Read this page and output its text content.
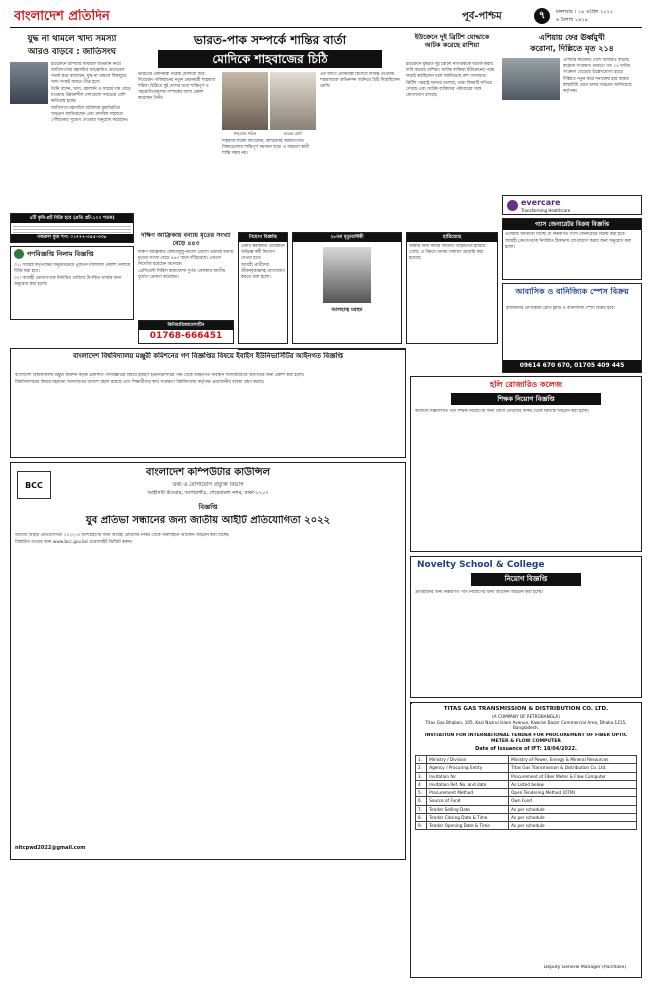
বাংলাদেশ প্রতিদিন	পূর্ব-পশ্চিম	৭	মঙ্গলবার । ১৯ এপ্রিল ২০২২
৬ বৈশাখ ১৪২৯
যুদ্ধ না থামলে খাদ্য সমস্যা
আরও বাড়বে : জাতিসংঘ

ইউক্রেনে রাশিয়ার সামরিক অভিযান নিয়ে জাতিসংঘের মহাসচিব আন্তোনিও গুতেরেস সতর্ক করে বলেছেন, যুদ্ধ না থামলে বিশ্বজুড়ে খাদ্য সংকট আরও তীব্র হবে।

তিনি বলেন, খাদ্য, জ্বালানি ও সারের দাম বেড়ে যাওয়ায় উন্নয়নশীল দেশগুলো সবচেয়ে বেশি ক্ষতিগ্রস্ত হচ্ছে।

জাতিসংঘ মহাসচিব অবিলম্বে যুদ্ধবিরতির আহ্বান জানিয়েছেন এবং মানবিক সহায়তা পৌঁছানোর সুযোগ দেওয়ার অনুরোধ করেছেন।

ভারত-পাক সম্পর্কে শান্তির বার্তা
মোদিকে শাহবাজের চিঠি

ভারতের প্রধানমন্ত্রী নরেন্দ্র মোদিকে চিঠি দিয়েছেন পাকিস্তানের নতুন প্রধানমন্ত্রী শাহবাজ শরিফ। চিঠিতে দুই দেশের মধ্যে শান্তিপূর্ণ ও সহযোগিতামূলক সম্পর্কের আশা প্রকাশ করেছেন তিনি।

শাহবাজ শরিফ	নরেন্দ্র মোদি

শাহবাজ শরিফ লিখেছেন, কাশ্মীরসহ অমীমাংসিত বিষয়গুলোর শান্তিপূর্ণ সমাধান ছাড়া এ অঞ্চলে স্থায়ী শান্তি সম্ভব নয়।

এর আগে প্রধানমন্ত্রী হিসেবে দায়িত্ব নেওয়ায় শাহবাজকে অভিনন্দন জানিয়ে চিঠি দিয়েছিলেন মোদি।

ইউক্রেনে দুই ব্রিটিশ যোদ্ধাকে আটক করেছে রাশিয়া

ইউক্রেনে যুদ্ধরত দুই ব্রিটিশ নাগরিককে আটক করার দাবি করেছে রাশিয়া। আটক ব্যক্তিরা ইউক্রেনের পক্ষে লড়াই করছিলেন বলে জানিয়েছে রুশ গণমাধ্যম।

ব্রিটিশ পররাষ্ট্র দফতর বলেছে, তারা বিষয়টি খতিয়ে দেখছে এবং আটক ব্যক্তিদের পরিবারের সঙ্গে যোগাযোগ রাখছে।

এশিয়ায় ফের ঊর্ধ্বমুখী
করোনা, দিল্লিতে মৃত ২১৪

এশিয়ার কয়েকটি দেশে আবারও বাড়ছে করোনা সংক্রমণ। ভারতে গত ২৪ ঘণ্টায় সংক্রমণ বেড়েছে উল্লেখযোগ্য হারে।

দিল্লিতে নতুন করে শনাক্তের হার বাড়ায় স্বাস্থ্যবিধি মেনে চলার আহ্বান জানিয়েছে কর্তৃপক্ষ।

evercare
Transforming Healthcare
৫টি কৃষি-প্লট বিক্রি হবে (প্রতি প্লট-১০০ শতক)
নজরুল ফুড শপ। ০১৭৭৭-৩৫৫-৩৩৮
গণবিজ্ঞপ্তি নিলাম বিজ্ঞপ্তি

০১। সংশ্লিষ্ট কর্তৃপক্ষের অনুমতিক্রমে পুরাতন মালামাল প্রকাশ্য নিলামে বিক্রি করা হবে।

০২। আগ্রহী ক্রেতাগণকে নির্ধারিত তারিখে উপস্থিত থাকার জন্য অনুরোধ করা হলো।

দক্ষিণ আফ্রিকায় বন্যায় মৃতের সংখ্যা বেড়ে ৪৪৩

দক্ষিণ আফ্রিকার কোয়াজুলু-নাটাল প্রদেশে ভয়াবহ বন্যায় মৃতের সংখ্যা বেড়ে ৪৪৩ জনে দাঁড়িয়েছে। এখনো নিখোঁজ রয়েছেন অনেকে।

প্রেসিডেন্ট সিরিল রামাফোসা দুর্গত এলাকায় জাতীয় দুর্যোগ ঘোষণা করেছেন।

কিনিয়ারিজম্যালাটিন
01768-666451
নিয়োগ বিজ্ঞপ্তি

একটি স্বনামধন্য প্রতিষ্ঠানে অভিজ্ঞ কর্মী নিয়োগ দেওয়া হবে।

আগ্রহী প্রার্থীদের জীবনবৃত্তান্তসহ যোগাযোগ করতে বলা হলো।

২৮তম মৃত্যুবার্ষিকী
আলহাজ্ব মরহুম
হারিয়েছে

আমার নিজ নামীয় জাতীয় পরিচয়পত্র হারিয়ে গেছে। এ বিষয়ে থানায় সাধারণ ডায়েরি করা হয়েছে।

গ্যাস জেনারেটর বিক্রয় বিজ্ঞপ্তি

এতদ্বারা জানানো যাচ্ছে যে নিম্নবর্ণিত গ্যাস জেনারেটর বিক্রয় করা হবে।

আগ্রহী ক্রেতাগণকে নির্ধারিত ঠিকানায় যোগাযোগ করার জন্য অনুরোধ করা হলো।

আবাসিক ও বানিজ্যিক স্পেস বিক্রয়

রাজধানীর প্রাণকেন্দ্রে রেডি ফ্ল্যাট ও বানিজ্যিক স্পেস বিক্রয় হবে।

09614 670 670, 01705 409 445
বাংলাদেশ বিশ্ববিদ্যালয় মঞ্জুরী কমিশনের গণ বিজ্ঞপ্তির বিষয়ে ইবাইস ইউনিভার্সিটির আইনগত বিজ্ঞপ্তি

বাংলাদেশ বিশ্ববিদ্যালয় মঞ্জুরী কমিশন কর্তৃক প্রকাশিত গণবিজ্ঞপ্তির বিষয়ে ইবাইস ইউনিভার্সিটির পক্ষ থেকে আইনগত অবস্থান সর্বসাধারণের অবগতির জন্য প্রকাশ করা হলো।

বিশ্ববিদ্যালয়ের বিষয়ে মহামান্য আদালতের আদেশ বহাল রয়েছে এবং শিক্ষার্থীদের স্বার্থ সংরক্ষণে বিশ্ববিদ্যালয় কর্তৃপক্ষ প্রয়োজনীয় ব্যবস্থা গ্রহণ করছে।	হলি রোজারিও কলেজ
শিক্ষক নিয়োগ বিজ্ঞপ্তি

কলেজে নিম্নলিখিত পদে শিক্ষক নিয়োগের জন্য যোগ্য প্রার্থীদের নিকট থেকে দরখাস্ত আহ্বান করা হচ্ছে।

BCC
বাংলাদেশ কম্পিউটার কাউন্সিল
তথ্য ও যোগাযোগ প্রযুক্তি বিভাগ
আইসিটি টাওয়ার, আগারগাঁও, শেরেবাংলা নগর, ঢাকা-১২০৭
বিজ্ঞপ্তি
যুব প্রতিভা সন্ধানের জন্য জাতীয় আইটি প্রতিযোগিতা ২০২২

জাতীয় আইটি প্রতিযোগিতা ২০২২-এ অংশগ্রহণের জন্য আগ্রহী প্রার্থীদের নিকট থেকে অনলাইনে আবেদন আহ্বান করা যাচ্ছে।

বিস্তারিত তথ্যের জন্য www.bcc.gov.bd ওয়েবসাইট ভিজিট করুন।

nitcpwd2022@gmail.com
Novelty School & College
নিয়োগ বিজ্ঞপ্তি

প্রতিষ্ঠানের জন্য নিম্নবর্ণিত পদে নিয়োগের জন্য আবেদন আহ্বান করা হচ্ছে।

TITAS GAS TRANSMISSION & DISTRIBUTION CO. LTD.
(A COMPANY OF PETROBANGLA)
Titas Gas Bhaban, 105, Kazi Nazrul Islam Avenue, Kawran Bazar Commercial Area, Dhaka-1215, Bangladesh.
INVITATION FOR INTERNATIONAL TENDER FOR PROCUREMENT OF FIBER OPTIC METER & FLOW COMPUTER
Date of Issuance of IFT: 18/04/2022.
1.	Ministry / Division	Ministry of Power, Energy & Mineral Resources
2.	Agency / Procuring Entity	Titas Gas Transmission & Distribution Co. Ltd.
3.	Invitation for	Procurement of Fiber Meter & Flow Computer
4.	Invitation Ref. No. and date	As Listed below
5.	Procurement Method	Open Tendering Method (OTM)
6.	Source of Fund	Own Fund
7.	Tender Selling Date	As per schedule
8.	Tender Closing Date & Time	As per schedule
9.	Tender Opening Date & Time	As per schedule
Deputy General Manager (Purchase)
